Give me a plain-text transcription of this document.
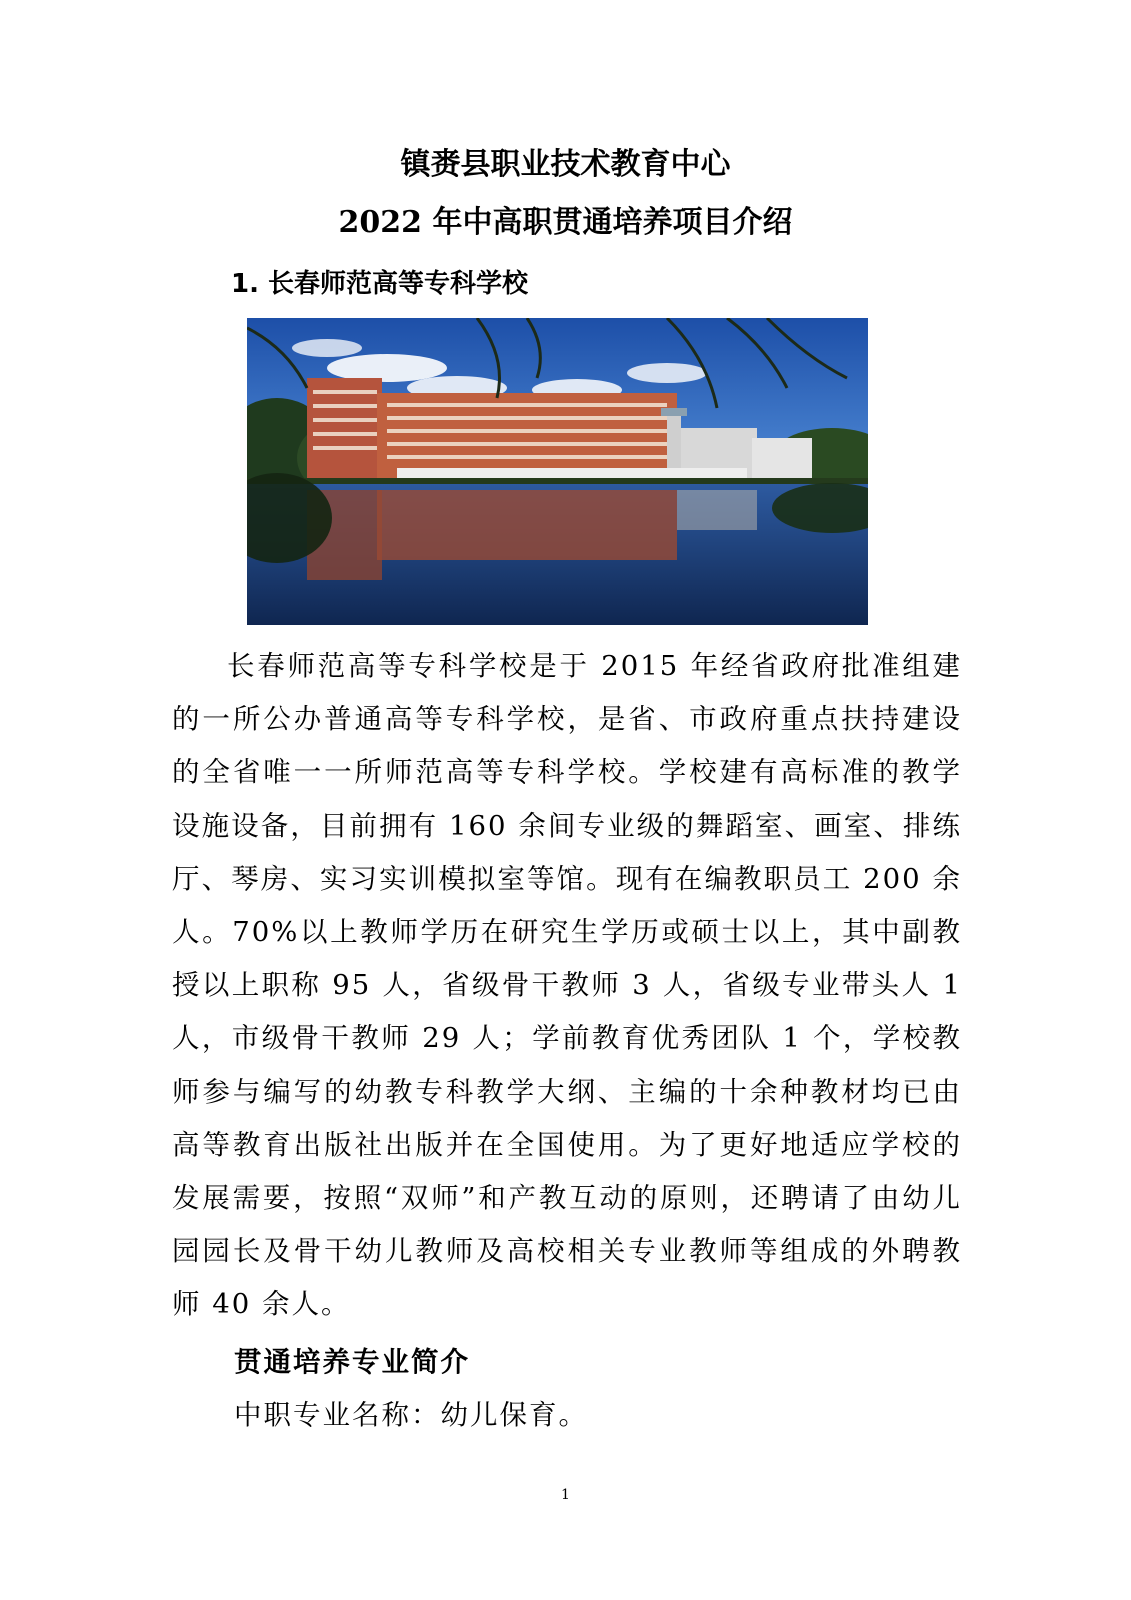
镇赉县职业技术教育中心
2022 年中高职贯通培养项目介绍
1. 长春师范高等专科学校

长春师范高等专科学校是于 2015 年经省政府批准组建的一所公办普通高等专科学校，是省、市政府重点扶持建设的全省唯一一所师范高等专科学校。学校建有高标准的教学设施设备，目前拥有 160 余间专业级的舞蹈室、画室、排练厅、琴房、实习实训模拟室等馆。现有在编教职员工 200 余人。70%以上教师学历在研究生学历或硕士以上，其中副教授以上职称 95 人，省级骨干教师 3 人，省级专业带头人 1人，市级骨干教师 29 人；学前教育优秀团队 1 个，学校教师参与编写的幼教专科教学大纲、主编的十余种教材均已由高等教育出版社出版并在全国使用。为了更好地适应学校的发展需要，按照“双师”和产教互动的原则，还聘请了由幼儿园园长及骨干幼儿教师及高校相关专业教师等组成的外聘教师 40 余人。

贯通培养专业简介

中职专业名称：幼儿保育。

1
